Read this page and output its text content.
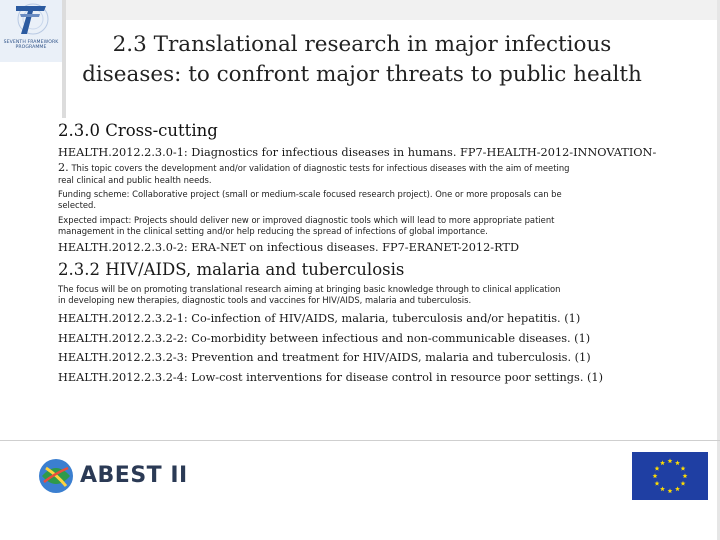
SEVENTH FRAMEWORK
PROGRAMME	2.3 Translational research in major infectious
diseases: to confront major threats to public health
2.3.0 Cross-cutting
HEALTH.2012.2.3.0-1: Diagnostics for infectious diseases in humans. FP7-HEALTH-2012-INNOVATION-
2. This topic covers the development and/or validation of diagnostic tests for infectious diseases with the aim of meeting
real clinical and public health needs.
Funding scheme: Collaborative project (small or medium-scale focused research project). One or more proposals can be
selected.
Expected impact: Projects should deliver new or improved diagnostic tools which will lead to more appropriate patient
management in the clinical setting and/or help reducing the spread of infections of global importance.
HEALTH.2012.2.3.0-2: ERA-NET on infectious diseases. FP7-ERANET-2012-RTD
2.3.2 HIV/AIDS, malaria and tuberculosis
The focus will be on promoting translational research aiming at bringing basic knowledge through to clinical application
in developing new therapies, diagnostic tools and vaccines for HIV/AIDS, malaria and tuberculosis.
HEALTH.2012.2.3.2-1: Co-infection of HIV/AIDS, malaria, tuberculosis and/or hepatitis. (1)
HEALTH.2012.2.3.2-2: Co-morbidity between infectious and non-communicable diseases. (1)
HEALTH.2012.2.3.2-3: Prevention and treatment for HIV/AIDS, malaria and tuberculosis. (1)
HEALTH.2012.2.3.2-4: Low-cost interventions for disease control in resource poor settings. (1)
ABEST II
